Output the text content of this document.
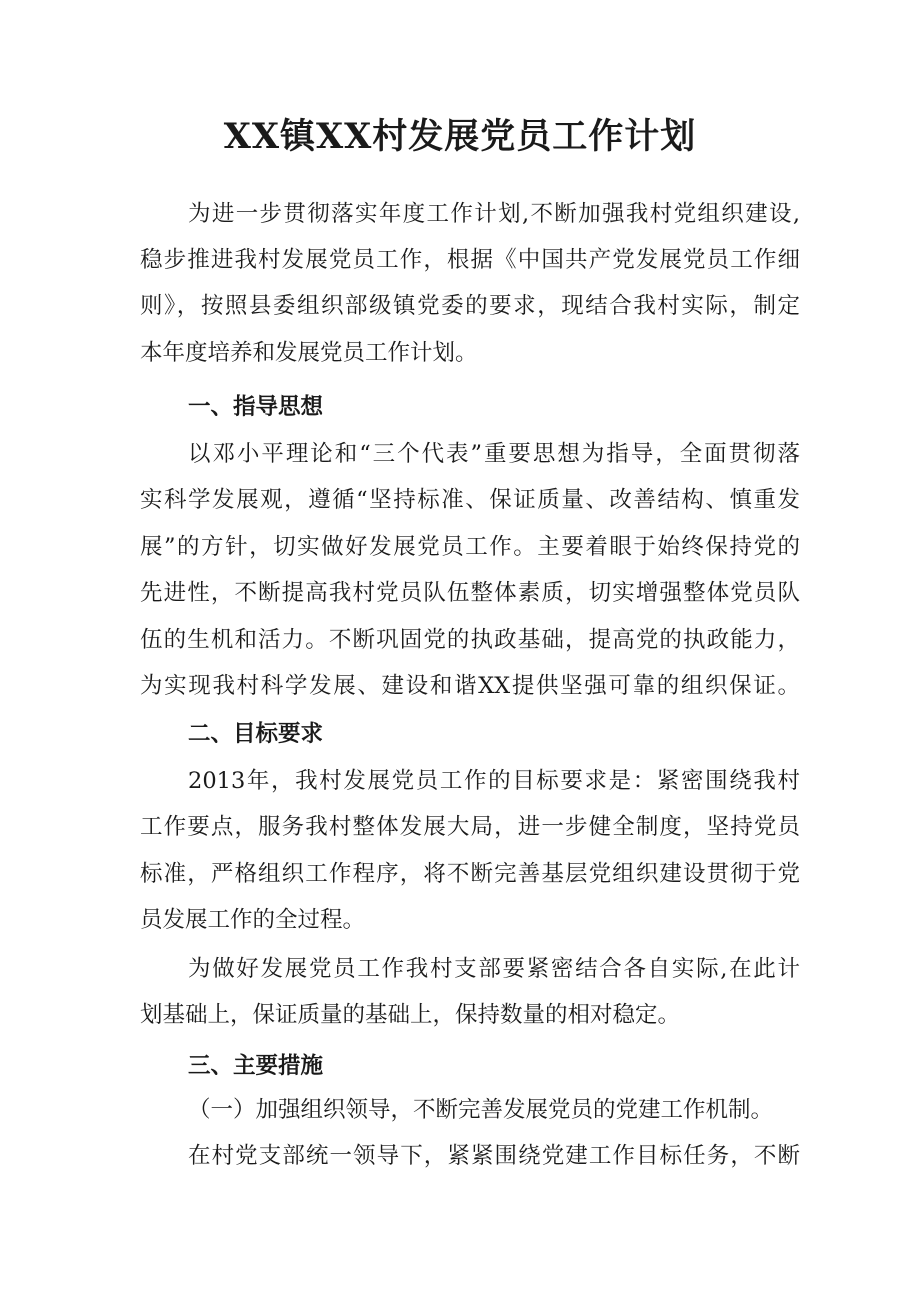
XX镇XX村发展党员工作计划
为进一步贯彻落实年度工作计划,不断加强我村党组织建设,
稳步推进我村发展党员工作，根据《中国共产党发展党员工作细
则》，按照县委组织部级镇党委的要求，现结合我村实际，制定
本年度培养和发展党员工作计划。
一、指导思想
以邓小平理论和“三个代表”重要思想为指导，全面贯彻落
实科学发展观，遵循“坚持标准、保证质量、改善结构、慎重发
展”的方针，切实做好发展党员工作。主要着眼于始终保持党的
先进性，不断提高我村党员队伍整体素质，切实增强整体党员队
伍的生机和活力。不断巩固党的执政基础，提高党的执政能力，
为实现我村科学发展、建设和谐XX提供坚强可靠的组织保证。
二、目标要求
2013年，我村发展党员工作的目标要求是：紧密围绕我村
工作要点，服务我村整体发展大局，进一步健全制度，坚持党员
标准，严格组织工作程序，将不断完善基层党组织建设贯彻于党
员发展工作的全过程。
为做好发展党员工作我村支部要紧密结合各自实际,在此计
划基础上，保证质量的基础上，保持数量的相对稳定。
三、主要措施
（一）加强组织领导，不断完善发展党员的党建工作机制。
在村党支部统一领导下，紧紧围绕党建工作目标任务，不断
